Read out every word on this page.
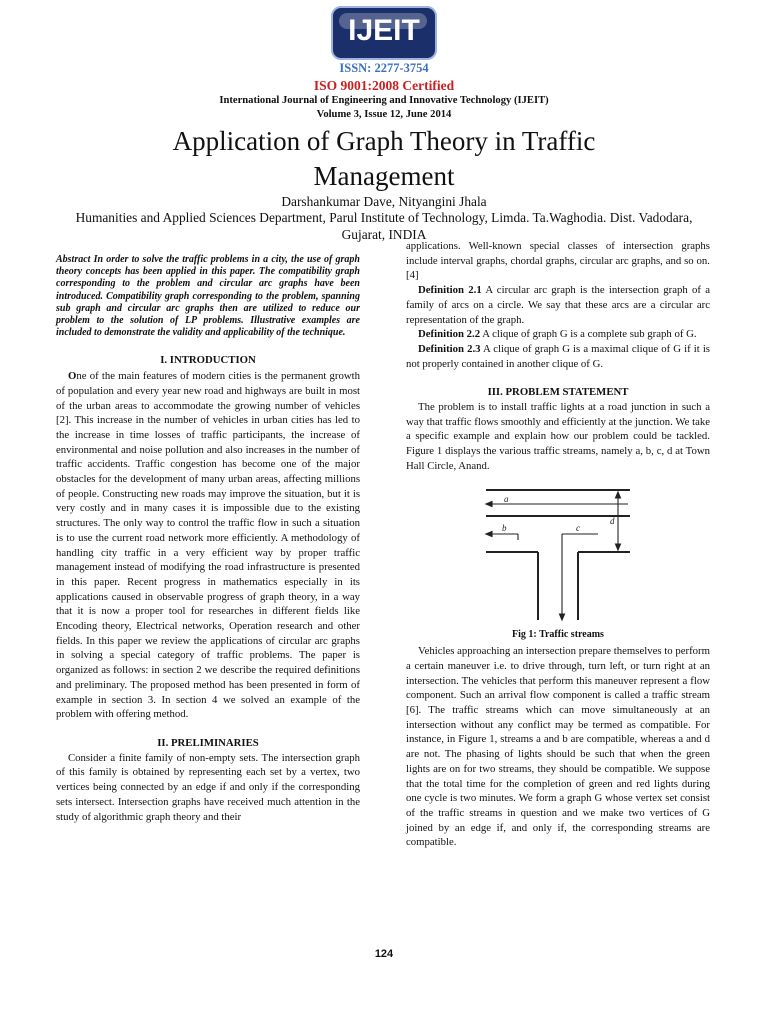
IJEIT
ISSN: 2277-3754
ISO 9001:2008 Certified
International Journal of Engineering and Innovative Technology (IJEIT)
Volume 3, Issue 12, June 2014
Application of Graph Theory in Traffic Management
Darshankumar Dave, Nityangini Jhala
Humanities and Applied Sciences Department, Parul Institute of Technology, Limda. Ta.Waghodia. Dist. Vadodara, Gujarat, INDIA

Abstract In order to solve the traffic problems in a city, the use of graph theory concepts has been applied in this paper. The compatibility graph corresponding to the problem and circular arc graphs have been introduced. Compatibility graph corresponding to the problem, spanning sub graph and circular arc graphs then are utilized to reduce our problem to the solution of LP problems. Illustrative examples are included to demonstrate the validity and applicability of the technique.

I. INTRODUCTION

One of the main features of modern cities is the permanent growth of population and every year new road and highways are built in most of the urban areas to accommodate the growing number of vehicles [2]. This increase in the number of vehicles in urban cities has led to the increase in time losses of traffic participants, the increase of environmental and noise pollution and also increases in the number of traffic accidents. Traffic congestion has become one of the major obstacles for the development of many urban areas, affecting millions of people. Constructing new roads may improve the situation, but it is very costly and in many cases it is impossible due to the existing structures. The only way to control the traffic flow in such a situation is to use the current road network more efficiently. A methodology of handling city traffic in a very efficient way by proper traffic management instead of modifying the road infrastructure is presented in this paper. Recent progress in mathematics especially in its applications caused in observable progress of graph theory, in a way that it is now a proper tool for researches in different fields like Encoding theory, Electrical networks, Operation research and other fields. In this paper we review the applications of circular arc graphs in solving a special category of traffic problems. The paper is organized as follows: in section 2 we describe the required definitions and preliminary. The proposed method has been presented in form of example in section 3. In section 4 we solved an example of the problem with offering method.

II. PRELIMINARIES

Consider a finite family of non-empty sets. The intersection graph of this family is obtained by representing each set by a vertex, two vertices being connected by an edge if and only if the corresponding sets intersect. Intersection graphs have received much attention in the study of algorithmic graph theory and their

applications. Well-known special classes of intersection graphs include interval graphs, chordal graphs, circular arc graphs, and so on.[4]

Definition 2.1 A circular arc graph is the intersection graph of a family of arcs on a circle. We say that these arcs are a circular arc representation of the graph.

Definition 2.2 A clique of graph G is a complete sub graph of G.

Definition 2.3 A clique of graph G is a maximal clique of G if it is not properly contained in another clique of G.

III. PROBLEM STATEMENT

The problem is to install traffic lights at a road junction in such a way that traffic flows smoothly and efficiently at the junction. We take a specific example and explain how our problem could be tackled. Figure 1 displays the various traffic streams, namely a, b, c, d at Town Hall Circle, Anand.

a
b	c
d

Fig 1: Traffic streams

Vehicles approaching an intersection prepare themselves to perform a certain maneuver i.e. to drive through, turn left, or turn right at an intersection. The vehicles that perform this maneuver represent a flow component. Such an arrival flow component is called a traffic stream [6]. The traffic streams which can move simultaneously at an intersection without any conflict may be termed as compatible. For instance, in Figure 1, streams a and b are compatible, whereas a and d are not. The phasing of lights should be such that when the green lights are on for two streams, they should be compatible. We suppose that the total time for the completion of green and red lights during one cycle is two minutes. We form a graph G whose vertex set consist of the traffic streams in question and we make two vertices of G joined by an edge if, and only if, the corresponding streams are compatible.

124
